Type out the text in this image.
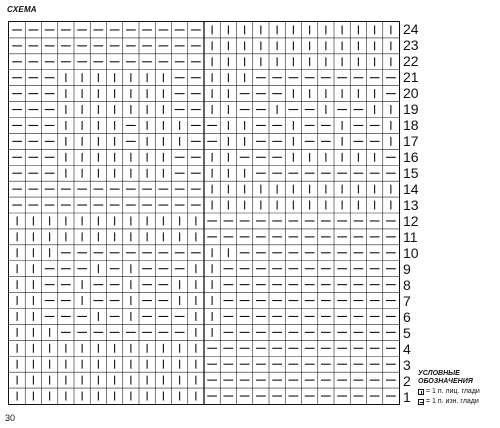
СХЕМА
24
23
22
21
20
19
18
17
16
15
14
13
12
11
10
9
8
7
6
5
4
3
2
1
УСЛОВНЫЕ
ОБОЗНАЧЕНИЯ
= 1 п. лиц. глади
= 1 п. изн. глади
30
